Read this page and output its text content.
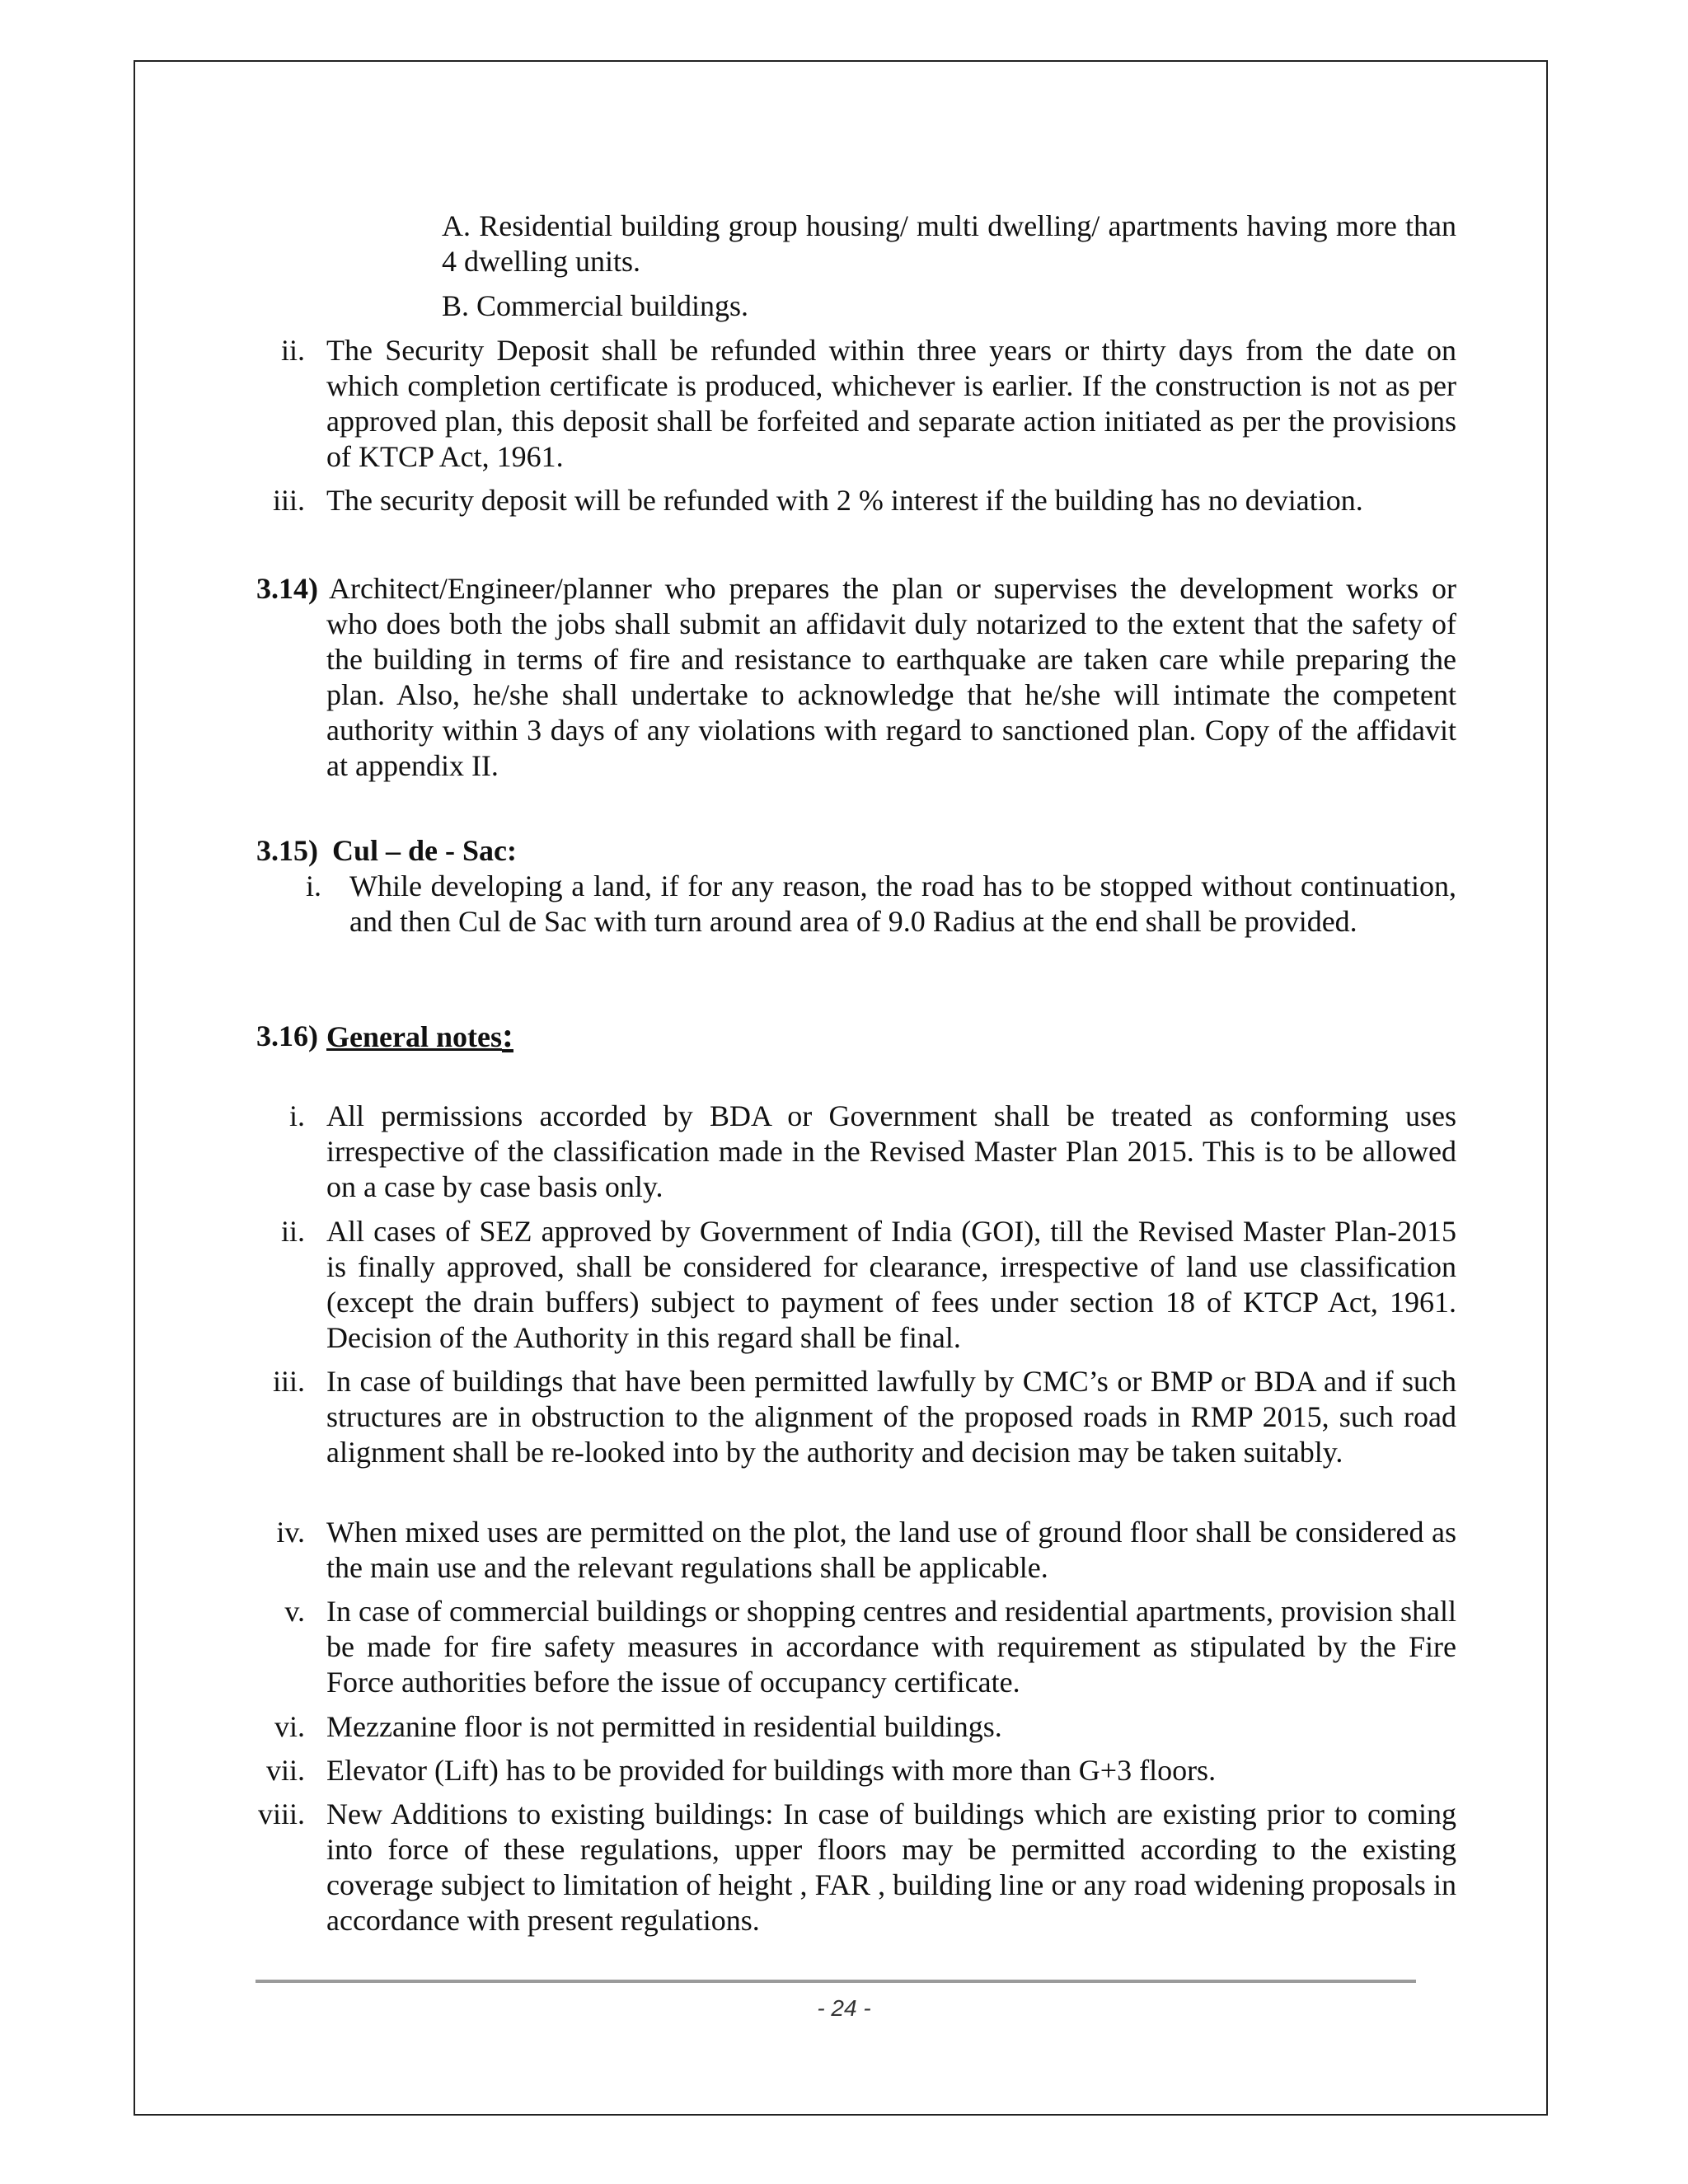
A. Residential building group housing/ multi dwelling/ apartments having more than 4 dwelling units.
B. Commercial buildings.
ii. The Security Deposit shall be refunded within three years or thirty days from the date on which completion certificate is produced, whichever is earlier. If the construction is not as per approved plan, this deposit shall be forfeited and separate action initiated as per the provisions of KTCP Act, 1961.
iii. The security deposit will be refunded with 2 % interest if the building has no deviation.
3.14) Architect/Engineer/planner who prepares the plan or supervises the development works or who does both the jobs shall submit an affidavit duly notarized to the extent that the safety of the building in terms of fire and resistance to earthquake are taken care while preparing the plan. Also, he/she shall undertake to acknowledge that he/she will intimate the competent authority within 3 days of any violations with regard to sanctioned plan. Copy of the affidavit at appendix II.
3.15) Cul – de - Sac:
i. While developing a land, if for any reason, the road has to be stopped without continuation, and then Cul de Sac with turn around area of 9.0 Radius at the end shall be provided.
3.16) General notes:
i. All permissions accorded by BDA or Government shall be treated as conforming uses irrespective of the classification made in the Revised Master Plan 2015. This is to be allowed on a case by case basis only.
ii. All cases of SEZ approved by Government of India (GOI), till the Revised Master Plan-2015 is finally approved, shall be considered for clearance, irrespective of land use classification (except the drain buffers) subject to payment of fees under section 18 of KTCP Act, 1961. Decision of the Authority in this regard shall be final.
iii. In case of buildings that have been permitted lawfully by CMC’s or BMP or BDA and if such structures are in obstruction to the alignment of the proposed roads in RMP 2015, such road alignment shall be re-looked into by the authority and decision may be taken suitably.
iv. When mixed uses are permitted on the plot, the land use of ground floor shall be considered as the main use and the relevant regulations shall be applicable.
v. In case of commercial buildings or shopping centres and residential apartments, provision shall be made for fire safety measures in accordance with requirement as stipulated by the Fire Force authorities before the issue of occupancy certificate.
vi. Mezzanine floor is not permitted in residential buildings.
vii. Elevator (Lift) has to be provided for buildings with more than G+3 floors.
viii. New Additions to existing buildings: In case of buildings which are existing prior to coming into force of these regulations, upper floors may be permitted according to the existing coverage subject to limitation of height , FAR , building line or any road widening proposals in accordance with present regulations.
- 24 -
